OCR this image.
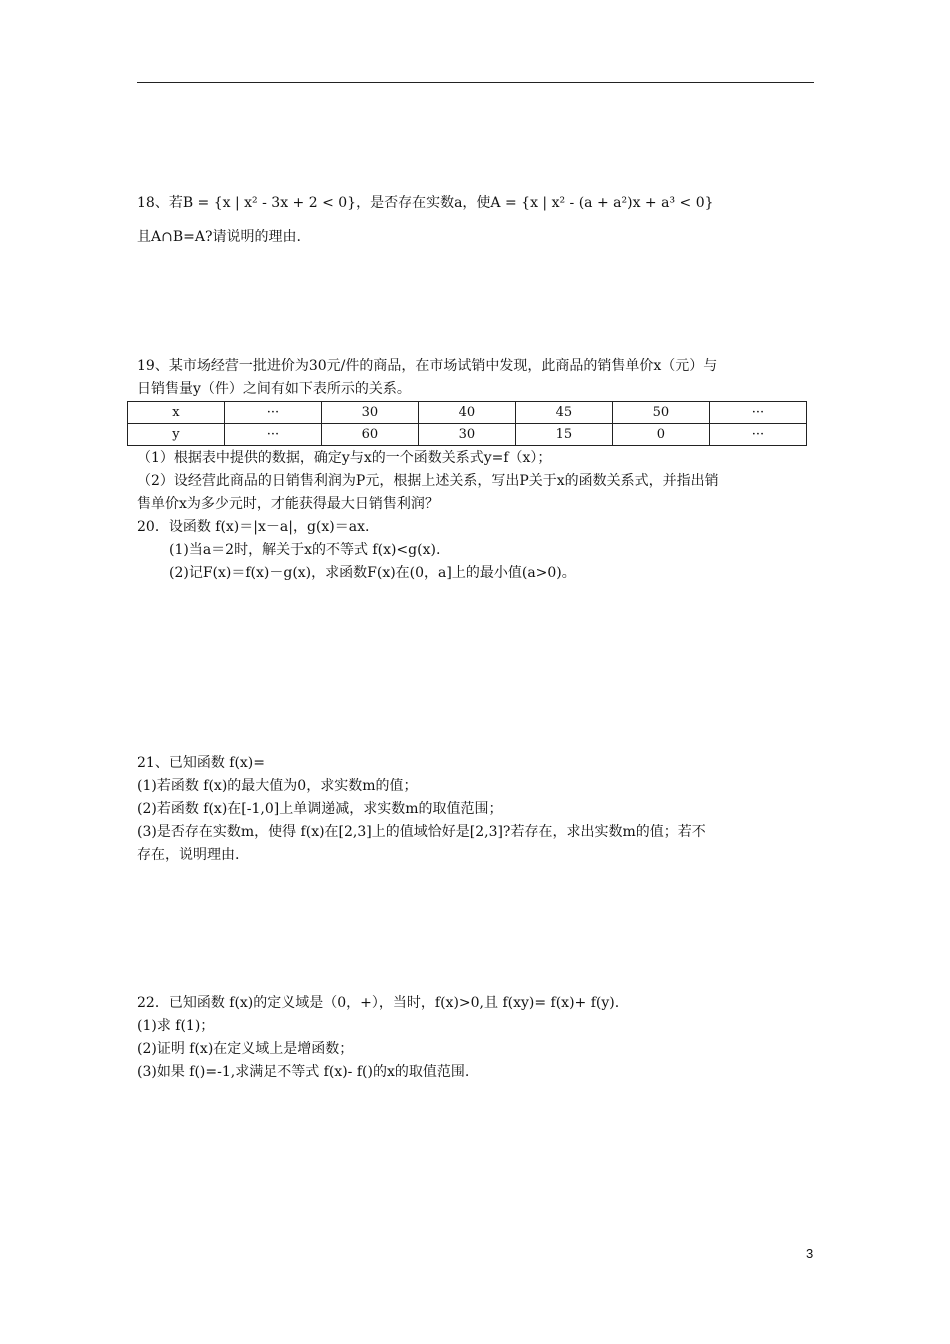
18、若B = {x | x² - 3x + 2 < 0}，是否存在实数a，使A = {x | x² - (a + a²)x + a³ < 0}
且A∩B=A?请说明的理由.
19、某市场经营一批进价为30元/件的商品，在市场试销中发现，此商品的销售单价x（元）与
日销售量y（件）之间有如下表所示的关系。
x	···	30	40	45	50	···
y	···	60	30	15	0	···
（1）根据表中提供的数据，确定y与x的一个函数关系式y=f（x）；
（2）设经营此商品的日销售利润为P元，根据上述关系，写出P关于x的函数关系式，并指出销
售单价x为多少元时，才能获得最大日销售利润？
20．设函数 f(x)＝|x－a|，g(x)＝ax.
(1)当a＝2时，解关于x的不等式 f(x)<g(x).
(2)记F(x)＝f(x)－g(x)，求函数F(x)在(0，a]上的最小值(a>0)。
21、已知函数 f(x)=
(1)若函数 f(x)的最大值为0，求实数m的值；
(2)若函数 f(x)在[-1,0]上单调递减，求实数m的取值范围；
(3)是否存在实数m，使得 f(x)在[2,3]上的值域恰好是[2,3]?若存在，求出实数m的值；若不
存在，说明理由.
22．已知函数 f(x)的定义域是（0，+），当时，f(x)>0,且 f(xy)= f(x)+ f(y).
(1)求 f(1)；
(2)证明 f(x)在定义域上是增函数；
(3)如果 f()=-1,求满足不等式 f(x)- f()的x的取值范围.
3
